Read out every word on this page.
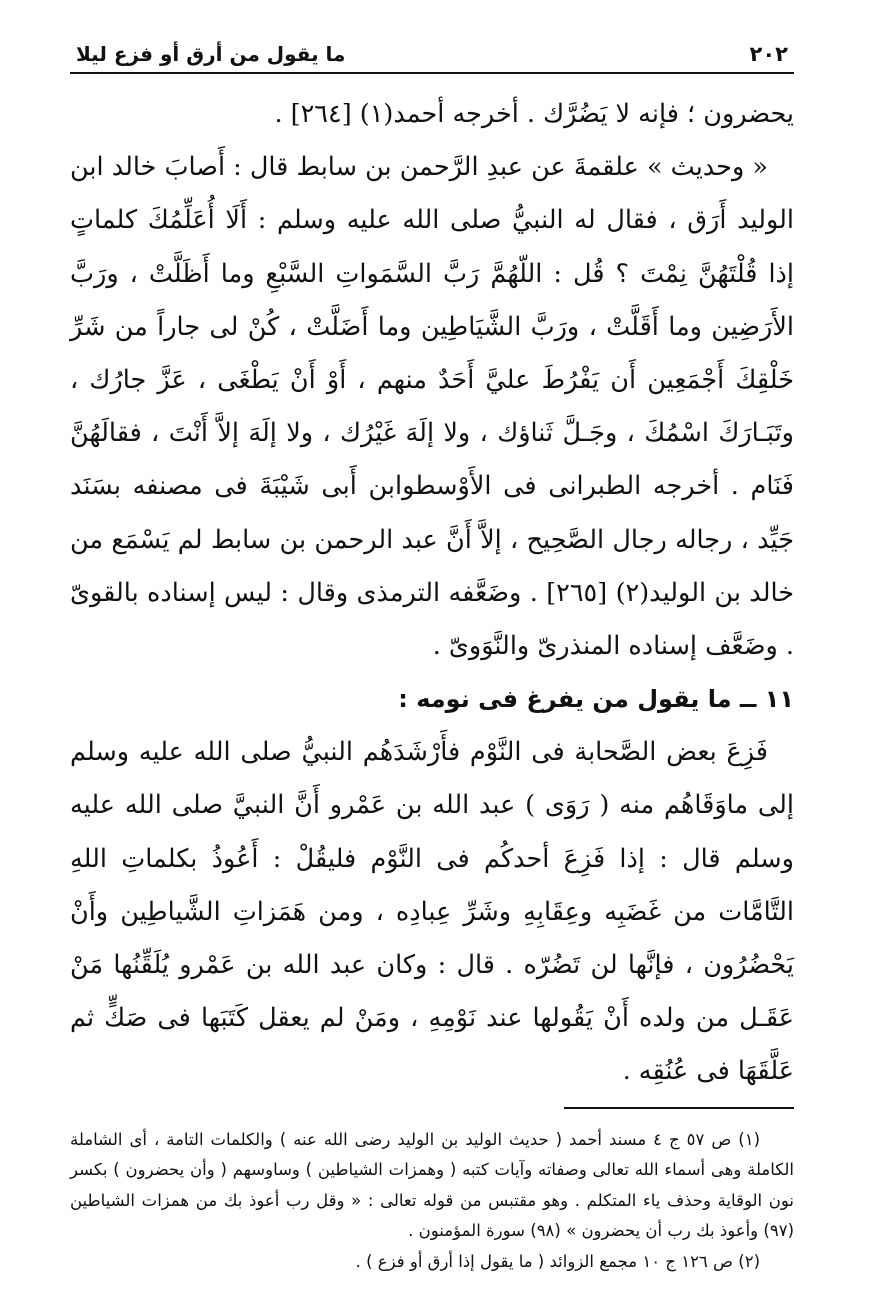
٢٠٢
ما يقول من أرق أو فزع ليلا

يحضرون ؛ فإنه لا يَضُرَّك . أخرجه أحمد(١) [٢٦٤] .

« وحديث » علقمةَ عن عبدِ الرَّحمن بن سابط قال : أَصابَ خالد ابن الوليد أَرَق ، فقال له النبيُّ صلى الله عليه وسلم : أَلَا أُعَلِّمُكَ كلماتٍ إذا قُلْتَهُنَّ نِمْتَ ؟ قُل : اللّهُمَّ رَبَّ السَّمَواتِ السَّبْعِ وما أَظَلَّتْ ، ورَبَّ الأَرَضِين وما أَقَلَّتْ ، ورَبَّ الشَّيَاطِين وما أَضَلَّتْ ، كُنْ لى جاراً من شَرِّ خَلْقِكَ أَجْمَعِين أَن يَفْرُطَ عليَّ أَحَدٌ منهم ، أَوْ أَنْ يَطْغَى ، عَزَّ جارُك ، وتَبَـارَكَ اسْمُكَ ، وجَـلَّ ثَناؤك ، ولا إلَهَ غَيْرُك ، ولا إلَهَ إلاَّ أَنْتَ ، فقالَهُنَّ فَنَام . أخرجه الطبرانى فى الأَوْسطوابن أَبى شَيْبَةَ فى مصنفه بسَنَد جَيِّد ، رجاله رجال الصَّحِيح ، إلاَّ أَنَّ عبد الرحمن بن سابط لم يَسْمَع من خالد بن الوليد(٢) [٢٦٥] . وضَعَّفه الترمذى وقال : ليس إسناده بالقوىّ . وضَعَّف إسناده المنذرىّ والنَّوَوىّ .

١١ ــ ما يقول من يفرغ فى نومه :

فَزِعَ بعض الصَّحابة فى النَّوْم فأَرْشَدَهُم النبيُّ صلى الله عليه وسلم إلى ماوَقَاهُم منه ( رَوَى ) عبد الله بن عَمْرو أَنَّ النبيَّ صلى الله عليه وسلم قال : إذا فَزِعَ أحدكُم فى النَّوْم فليقُلْ : أَعُوذُ بكلماتِ اللهِ التَّامَّات من غَضَبِه وعِقَابِهِ وشَرِّ عِبادِه ، ومن هَمَزاتِ الشَّياطِين وأَنْ يَحْضُرُون ، فإنَّها لن تَضُرّه . قال : وكان عبد الله بن عَمْرو يُلَقِّنُها مَنْ عَقَـل من ولده أَنْ يَقُولها عند نَوْمِهِ ، ومَنْ لم يعقل كَتَبَها فى صَكٍّ ثم عَلَّقَهَا فى عُنُقِه .

(١) ص ٥٧ ج ٤ مسند أحمد ( حديث الوليد بن الوليد رضى الله عنه ) والكلمات التامة ، أى الشاملة الكاملة وهى أسماء الله تعالى وصفاته وآيات كتبه ( وهمزات الشياطين ) وساوسهم ( وأن يحضرون ) بكسر نون الوقاية وحذف ياء المتكلم . وهو مقتبس من قوله تعالى : « وقل رب أعوذ بك من همزات الشياطين (٩٧) وأعوذ بك رب أن يحضرون » (٩٨) سورة المؤمنون .

(٢) ص ١٢٦ ج ١٠ مجمع الزوائد ( ما يقول إذا أرق أو فزع ) .
